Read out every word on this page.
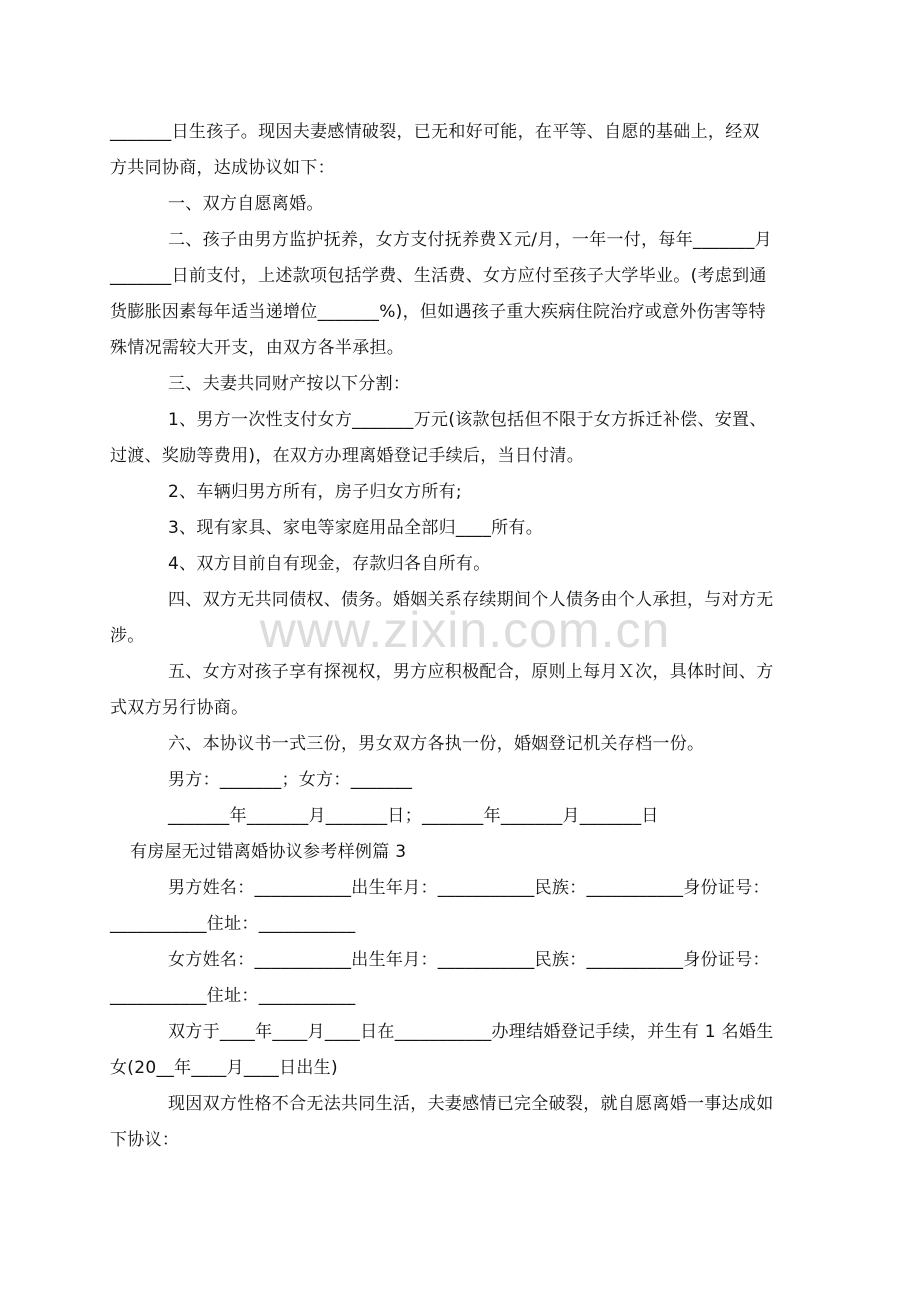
www.zixin.com.cn
_______日生孩子。现因夫妻感情破裂，已无和好可能，在平等、自愿的基础上，经双
方共同协商，达成协议如下：
一、双方自愿离婚。
二、孩子由男方监护抚养，女方支付抚养费Ｘ元/月，一年一付，每年_______月
_______日前支付，上述款项包括学费、生活费、女方应付至孩子大学毕业。(考虑到通
货膨胀因素每年适当递增位_______%)，但如遇孩子重大疾病住院治疗或意外伤害等特
殊情况需较大开支，由双方各半承担。
三、夫妻共同财产按以下分割：
1、男方一次性支付女方_______万元(该款包括但不限于女方拆迁补偿、安置、
过渡、奖励等费用)，在双方办理离婚登记手续后，当日付清。
2、车辆归男方所有，房子归女方所有;
3、现有家具、家电等家庭用品全部归____所有。
4、双方目前自有现金，存款归各自所有。
四、双方无共同债权、债务。婚姻关系存续期间个人债务由个人承担，与对方无
涉。
五、女方对孩子享有探视权，男方应积极配合，原则上每月Ｘ次，具体时间、方
式双方另行协商。
六、本协议书一式三份，男女双方各执一份，婚姻登记机关存档一份。
男方：_______；女方：_______
_______年_______月_______日；_______年_______月_______日
有房屋无过错离婚协议参考样例篇 3
男方姓名：___________出生年月：___________民族：___________身份证号：
___________住址：___________
女方姓名：___________出生年月：___________民族：___________身份证号：
___________住址：___________
双方于____年____月____日在___________办理结婚登记手续，并生有 1 名婚生
女(20__年____月____日出生)
现因双方性格不合无法共同生活，夫妻感情已完全破裂，就自愿离婚一事达成如
下协议：
